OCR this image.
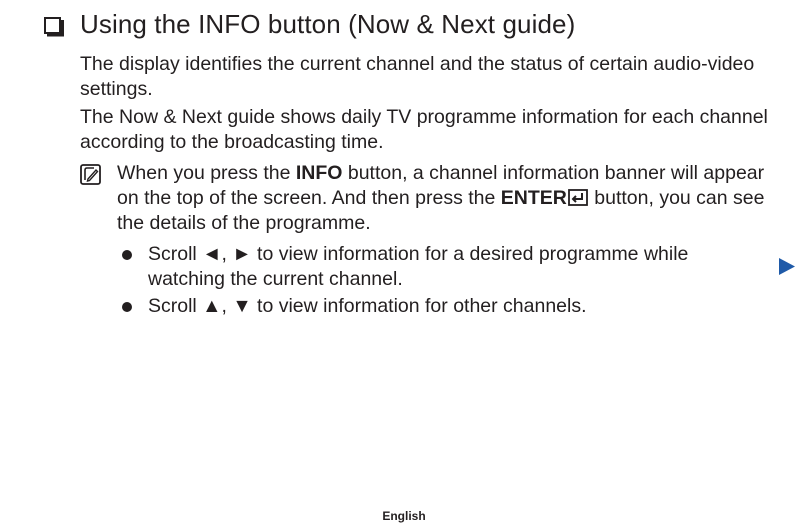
Using the INFO button (Now & Next guide)
The display identifies the current channel and the status of certain audio-video settings.
The Now & Next guide shows daily TV programme information for each channel according to the broadcasting time.
When you press the INFO button, a channel information banner will appear on the top of the screen. And then press the ENTER button, you can see the details of the programme.
Scroll ◄, ► to view information for a desired programme while watching the current channel.
Scroll ▲, ▼ to view information for other channels.
English
